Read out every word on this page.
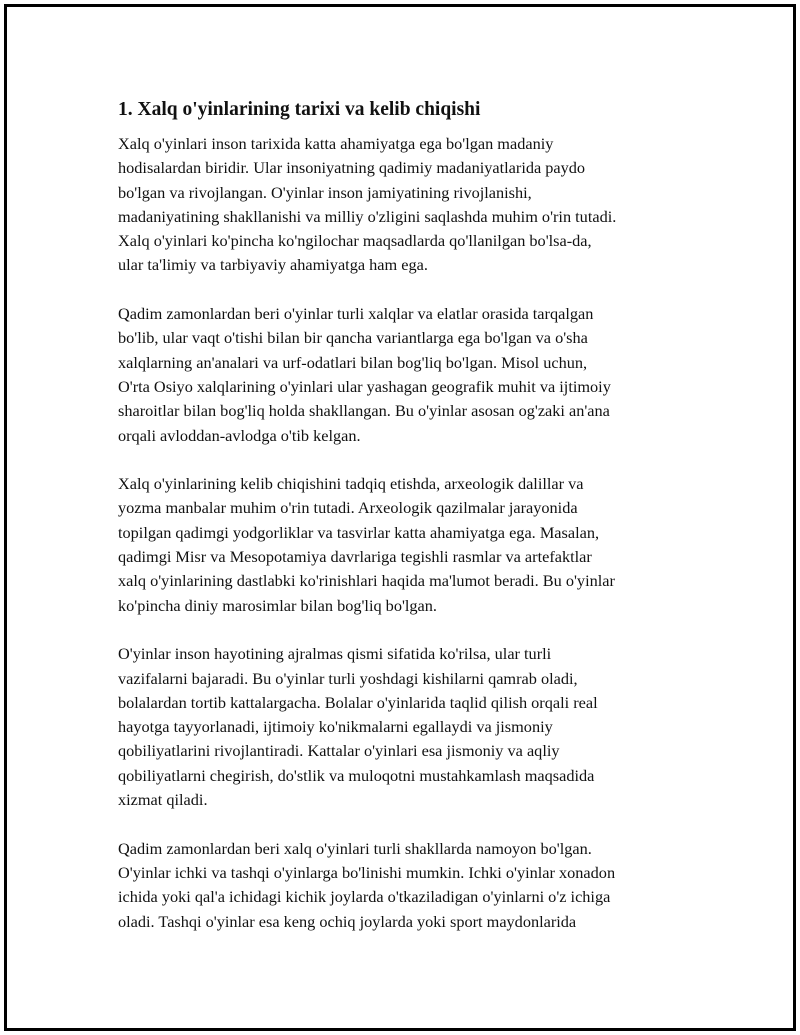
1. Xalq o'yinlarining tarixi va kelib chiqishi
Xalq o'yinlari inson tarixida katta ahamiyatga ega bo'lgan madaniy
hodisalardan biridir. Ular insoniyatning qadimiy madaniyatlarida paydo
bo'lgan va rivojlangan. O'yinlar inson jamiyatining rivojlanishi,
madaniyatining shakllanishi va milliy o'zligini saqlashda muhim o'rin tutadi.
Xalq o'yinlari ko'pincha ko'ngilochar maqsadlarda qo'llanilgan bo'lsa-da,
ular ta'limiy va tarbiyaviy ahamiyatga ham ega.
Qadim zamonlardan beri o'yinlar turli xalqlar va elatlar orasida tarqalgan
bo'lib, ular vaqt o'tishi bilan bir qancha variantlarga ega bo'lgan va o'sha
xalqlarning an'analari va urf-odatlari bilan bog'liq bo'lgan. Misol uchun,
O'rta Osiyo xalqlarining o'yinlari ular yashagan geografik muhit va ijtimoiy
sharoitlar bilan bog'liq holda shakllangan. Bu o'yinlar asosan og'zaki an'ana
orqali avloddan-avlodga o'tib kelgan.
Xalq o'yinlarining kelib chiqishini tadqiq etishda, arxeologik dalillar va
yozma manbalar muhim o'rin tutadi. Arxeologik qazilmalar jarayonida
topilgan qadimgi yodgorliklar va tasvirlar katta ahamiyatga ega. Masalan,
qadimgi Misr va Mesopotamiya davrlariga tegishli rasmlar va artefaktlar
xalq o'yinlarining dastlabki ko'rinishlari haqida ma'lumot beradi. Bu o'yinlar
ko'pincha diniy marosimlar bilan bog'liq bo'lgan.
O'yinlar inson hayotining ajralmas qismi sifatida ko'rilsa, ular turli
vazifalarni bajaradi. Bu o'yinlar turli yoshdagi kishilarni qamrab oladi,
bolalardan tortib kattalargacha. Bolalar o'yinlarida taqlid qilish orqali real
hayotga tayyorlanadi, ijtimoiy ko'nikmalarni egallaydi va jismoniy
qobiliyatlarini rivojlantiradi. Kattalar o'yinlari esa jismoniy va aqliy
qobiliyatlarni chegirish, do'stlik va muloqotni mustahkamlash maqsadida
xizmat qiladi.
Qadim zamonlardan beri xalq o'yinlari turli shakllarda namoyon bo'lgan.
O'yinlar ichki va tashqi o'yinlarga bo'linishi mumkin. Ichki o'yinlar xonadon
ichida yoki qal'a ichidagi kichik joylarda o'tkaziladigan o'yinlarni o'z ichiga
oladi. Tashqi o'yinlar esa keng ochiq joylarda yoki sport maydonlarida
